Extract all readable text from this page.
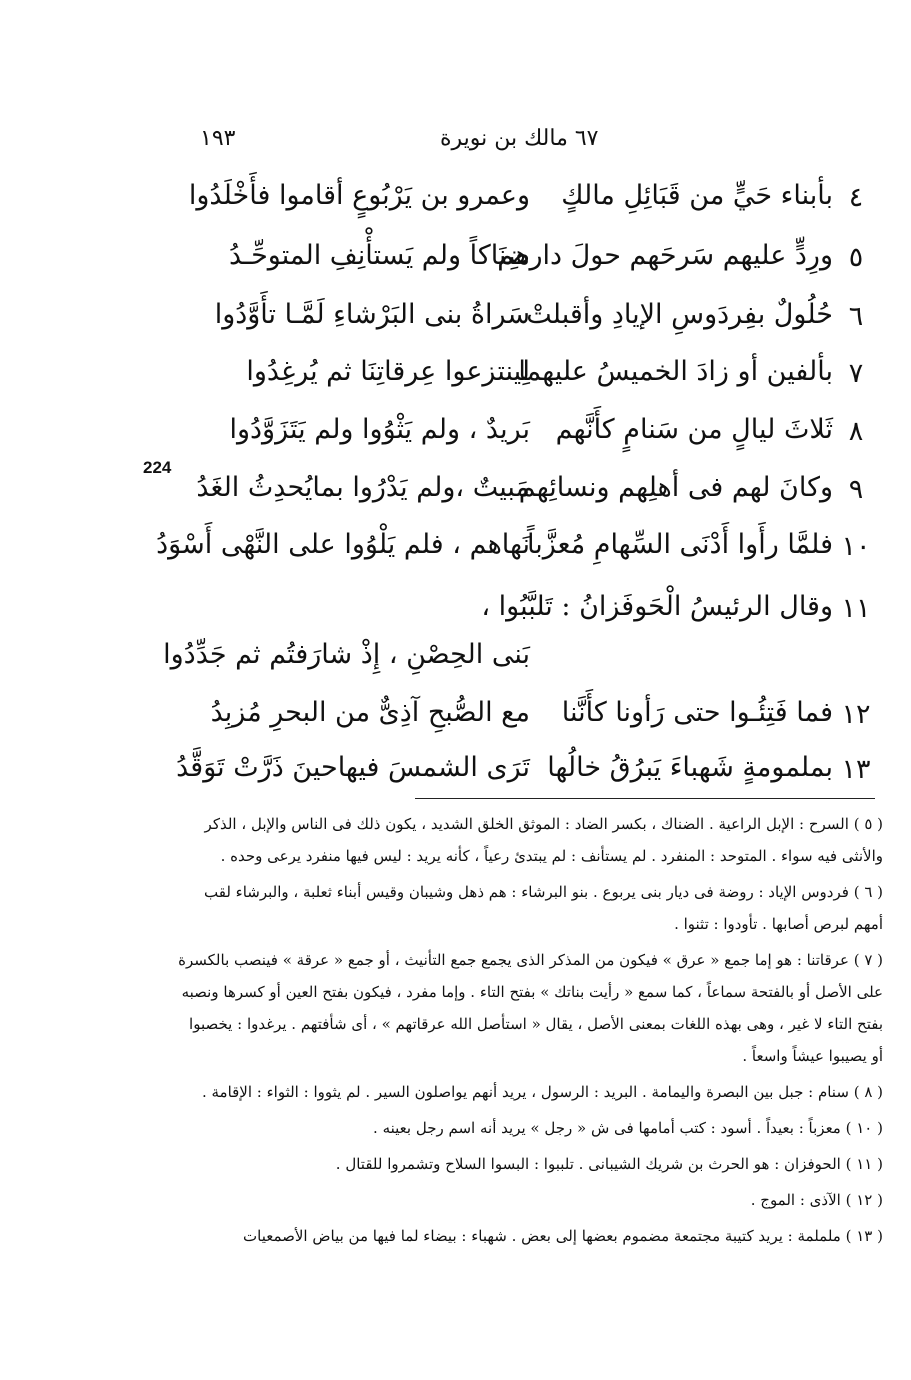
١٩٣	٦٧ مالك بن نويرة
224
٤
بأبناء حَيٍّ من قَبَائِلِ مالكٍ
وعمرو بن يَرْبُوعٍ أقاموا فأَخْلَدُوا
٥
ورِدٍّ عليهم سَرحَهم حولَ دارهم
ضِنَاكاً ولم يَستأْنِفِ المتوحِّـدُ
٦
حُلُولٌ بفِردَوسِ الإيادِ وأقبلتْ
سَراةُ بنى البَرْشاءِ لَمَّـا تأَوَّدُوا
٧
بألفين أو زادَ الخميسُ عليهما
لِينتزعوا عِرقاتِنَا ثم يُرغِدُوا
٨
ثَلاثَ ليالٍ من سَنامٍ كأَنَّهم
بَريدٌ ، ولم يَثْوُوا ولم يَتَزَوَّدُوا
٩
وكانَ لهم فى أهلِهم ونسائِهم
مَبيتٌ ،ولم يَدْرُوا بمايُحدِثُ الغَدُ
١٠
فلمَّا رأَوا أَدْنَى السِّهامِ مُعزَّباً
نَهاهم ، فلم يَلْوُوا على النَّهْى أَسْوَدُ
١١
وقال الرئيسُ الْحَوفَزانُ : تَلبَّبُوا ،
بَنى الحِصْنِ ، إِذْ شارَفتُم ثم جَدِّدُوا
١٢
فما فَتِئُـوا حتى رَأونا كأَنَّنا
مع الصُّبحِ آذِىٌّ من البحرِ مُزبِدُ
١٣
بملمومةٍ شَهباءَ يَبرُقُ خالُها
تَرَى الشمسَ فيهاحينَ ذَرَّتْ تَوَقَّدُ

( ٥ ) السرح : الإبل الراعية . الضناك ، بكسر الضاد : الموثق الخلق الشديد ، يكون ذلك فى الناس والإبل ، الذكر والأنثى فيه سواء . المتوحد : المنفرد . لم يستأنف : لم يبتدئ رعياً ، كأنه يريد : ليس فيها منفرد يرعى وحده .

( ٦ ) فردوس الإياد : روضة فى ديار بنى يربوع . بنو البرشاء : هم ذهل وشيبان وقيس أبناء ثعلبة ، والبرشاء لقب أمهم لبرص أصابها . تأودوا : تثنوا .

( ٧ ) عرقاتنا : هو إما جمع « عرق » فيكون من المذكر الذى يجمع جمع التأنيث ، أو جمع « عرقة » فينصب بالكسرة على الأصل أو بالفتحة سماعاً ، كما سمع « رأيت بناتك » بفتح التاء . وإما مفرد ، فيكون بفتح العين أو كسرها ونصبه بفتح التاء لا غير ، وهى بهذه اللغات بمعنى الأصل ، يقال « استأصل الله عرقاتهم » ، أى شأفتهم . يرغدوا : يخصبوا أو يصيبوا عيشاً واسعاً .

( ٨ ) سنام : جبل بين البصرة واليمامة . البريد : الرسول ، يريد أنهم يواصلون السير . لم يثووا : الثواء : الإقامة .

( ١٠ ) معزباً : بعيداً . أسود : كتب أمامها فى ش « رجل » يريد أنه اسم رجل بعينه .

( ١١ ) الحوفزان : هو الحرث بن شريك الشيبانى . تلببوا : البسوا السلاح وتشمروا للقتال .

( ١٢ ) الآذى : الموج .

( ١٣ ) ململمة : يريد كتيبة مجتمعة مضموم بعضها إلى بعض . شهباء : بيضاء لما فيها من بياض الأصمعيات
